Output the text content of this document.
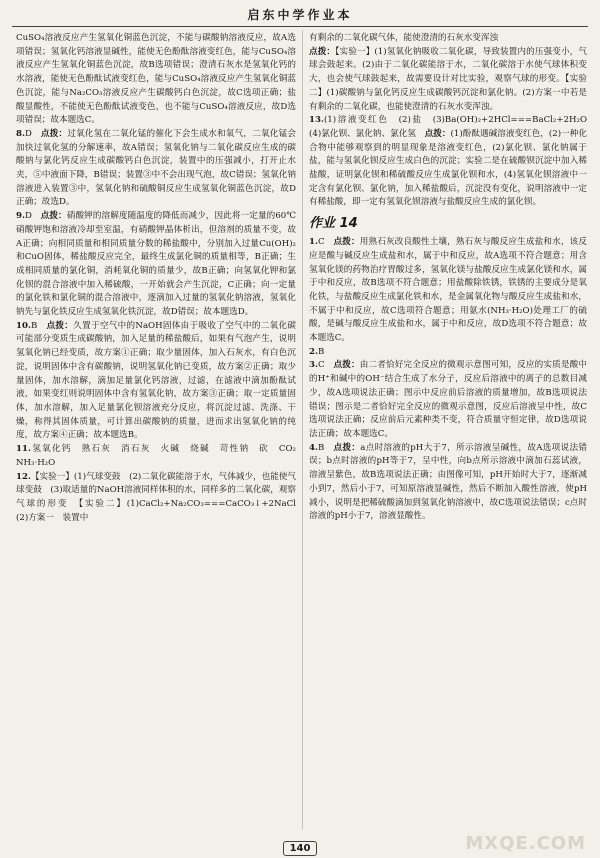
启东中学作业本

CuSO₄溶液反应产生氢氧化铜蓝色沉淀，不能与碳酸钠溶液反应，故A选项错误；氢氧化钙溶液显碱性，能使无色酚酞溶液变红色，能与CuSO₄溶液反应产生氢氧化铜蓝色沉淀，故B选项错误；澄清石灰水是氢氧化钙的水溶液，能使无色酚酞试液变红色，能与CuSO₄溶液反应产生氢氧化铜蓝色沉淀，能与Na₂CO₃溶液反应产生碳酸钙白色沉淀，故C选项正确；盐酸显酸性，不能使无色酚酞试液变色，也不能与CuSO₄溶液反应，故D选项错误；故本题选C。

8.D　 点拨：过氧化氢在二氧化锰的催化下会生成水和氧气，二氧化锰会加快过氧化氢的分解速率，故A错误；氢氧化钠与二氧化碳反应生成的碳酸钠与氯化钙反应生成碳酸钙白色沉淀，装置中的压强减小，打开止水夹，⑤中液面下降，B错误；装置③中不会出现气泡，故C错误；氢氧化钠溶液进入装置③中，氢氧化钠和硫酸铜反应生成氢氧化铜蓝色沉淀，故D正确；故选D。

9.D　 点拨：硝酸钾的溶解度随温度的降低而减少，因此将一定量的60℃硝酸钾饱和溶液冷却至室温，有硝酸钾晶体析出，但溶剂的质量不变，故A正确；向相同质量和相同质量分数的稀盐酸中，分别加入过量Cu(OH)₂和CuO固体，稀盐酸反应完全，最终生成氯化铜的质量相等，B正确；生成相同质量的氯化铜，消耗氧化铜的质量少，故B正确；向氢氧化钾和氯化钡的混合溶液中加入稀硫酸，一开始就会产生沉淀，C正确；向一定量的氯化铁和氯化铜的混合溶液中，逐滴加入过量的氢氧化钠溶液，氢氧化钠先与氯化铁反应生成氢氧化铁沉淀，故D错误；故本题选D。

10.B　 点拨：久置于空气中的NaOH固体由于吸收了空气中的二氧化碳可能部分变质生成碳酸钠，加入足量的稀盐酸后，如果有气泡产生，说明氢氧化钠已经变质，故方案①正确；取少量固体，加入石灰水，有白色沉淀，说明固体中含有碳酸钠，说明氢氧化钠已变质，故方案②正确；取少量固体，加水溶解，滴加足量氯化钙溶液，过滤，在滤液中滴加酚酞试液，如果变红则说明固体中含有氢氧化钠，故方案③正确；取一定质量固体，加水溶解，加入足量氯化钡溶液充分反应，将沉淀过滤、洗涤、干燥，称得其固体质量，可计算出碳酸钠的质量，进而求出氢氧化钠的纯度，故方案④正确；故本题选B。

11.氢氧化钙　熟石灰　消石灰　火碱　烧碱　苛性钠　砍　CO₂　NH₃·H₂O

12.【实验一】(1)气球变鼓　(2)二氧化碳能溶于水，气体减少，也能使气球变鼓　(3)取适量的NaOH溶液同样体积的水，同样多的二氧化碳，观察气球的形变　【实验二】(1)CaCl₂+Na₂CO₃===CaCO₃↓+2NaCl　(2)方案一　装置中

有剩余的二氧化碳气体，能使澄清的石灰水变浑浊

点拨：【实验一】(1)氢氧化钠吸收二氧化碳，导致装置内的压强变小，气球会鼓起来。(2)由于二氧化碳能溶于水，二氧化碳溶于水使气球体积变大，也会使气球鼓起来，故需要设计对比实验，观察气球的形变。【实验二】(1)碳酸钠与氯化钙反应生成碳酸钙沉淀和氯化钠。(2)方案一中若是有剩余的二氧化碳，也能使澄清的石灰水变浑浊。

13.(1)溶液变红色　(2)盐　(3)Ba(OH)₂+2HCl===BaCl₂+2H₂O　(4)氯化钡、氯化钠、氯化氢　 点拨：(1)酚酞遇碱溶液变红色，(2)一种化合物中能够观察到的明显现象是溶液变红色，(2)氯化钡、氯化钠属于盐，能与氢氧化钡反应生成白色的沉淀；实验二是在硫酸钡沉淀中加入稀盐酸，证明氯化钡和稀硫酸反应生成氯化钡和水，(4)氢氧化钡溶液中一定含有氯化钡、氯化钠，加入稀盐酸后，沉淀没有变化，说明溶液中一定有稀盐酸，即一定有氢氧化钡溶液与盐酸反应生成的氯化钡。

作业 14

1.C　 点拨：用熟石灰改良酸性土壤，熟石灰与酸反应生成盐和水，该反应是酸与碱反应生成盐和水，属于中和反应，故A选项不符合题意；用含氢氧化镁的药物治疗胃酸过多，氢氧化镁与盐酸反应生成氯化镁和水，属于中和反应，故B选项不符合题意；用盐酸除铁锈，铁锈的主要成分是氧化铁，与盐酸反应生成氯化铁和水，是金属氧化物与酸反应生成盐和水，不属于中和反应，故C选项符合题意；用氨水(NH₃·H₂O)处理工厂的硫酸，是碱与酸反应生成盐和水，属于中和反应，故D选项不符合题意；故本题选C。

2.B

3.C　 点拨：由二者恰好完全反应的微观示意图可知，反应的实质是酸中的H⁺和碱中的OH⁻结合生成了水分子，反应后溶液中的离子的总数目减少，故A选项说法正确；图示中反应前后溶液的质量增加，故B选项说法错误；图示是二者恰好完全反应的微观示意图，反应后溶液呈中性，故C选项说法正确；反应前后元素种类不变，符合质量守恒定律，故D选项说法正确；故本题选C。

4.B　 点拨：a点时溶液的pH大于7，所示溶液呈碱性，故A选项说法错误；b点时溶液的pH等于7，呈中性，向b点所示溶液中滴加石蕊试液，溶液呈紫色，故B选项说法正确；由图像可知，pH开始时大于7，逐渐减小到7，然后小于7，可知原溶液显碱性，然后不断加入酸性溶液，使pH减小，说明是把稀硫酸滴加到氢氧化钠溶液中，故C选项说法错误；c点时溶液的pH小于7，溶液显酸性。

140	MXQE.COM
